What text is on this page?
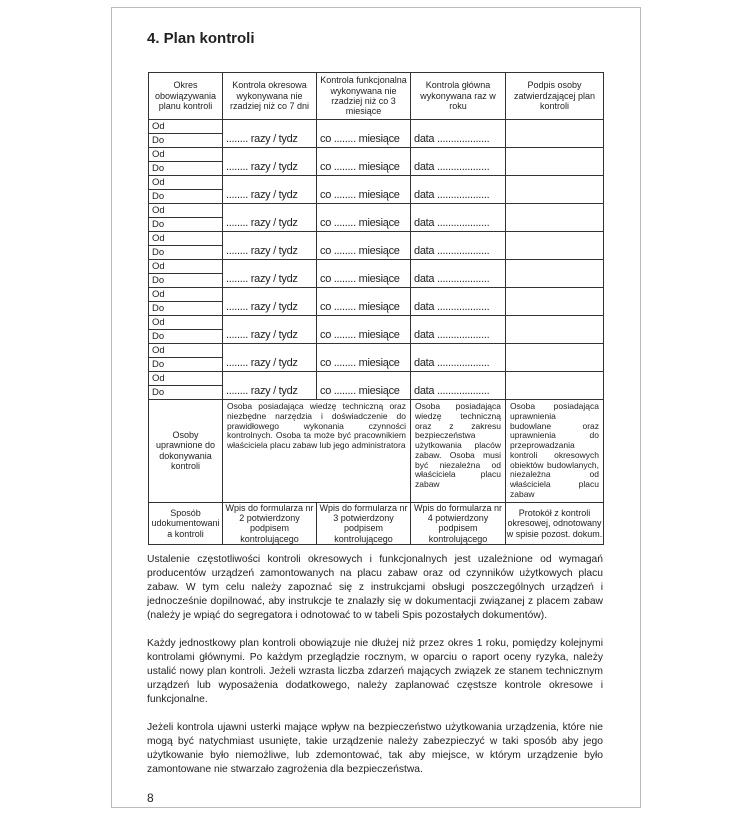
4. Plan kontroli
Okres obowiązywania planu kontroli	Kontrola okresowa wykonywana nie rzadziej niż co 7 dni	Kontrola funkcjonalna wykonywana nie rzadziej niż co 3 miesiące	Kontrola główna wykonywana raz w roku	Podpis osoby zatwierdzającej plan kontroli

Od
Do	........ razy / tydz	co ........ miesiące	data ...................	

Od
Do	........ razy / tydz	co ........ miesiące	data ...................	

Od
Do	........ razy / tydz	co ........ miesiące	data ...................	

Od
Do	........ razy / tydz	co ........ miesiące	data ...................	

Od
Do	........ razy / tydz	co ........ miesiące	data ...................	

Od
Do	........ razy / tydz	co ........ miesiące	data ...................	

Od
Do	........ razy / tydz	co ........ miesiące	data ...................	

Od
Do	........ razy / tydz	co ........ miesiące	data ...................	

Od
Do	........ razy / tydz	co ........ miesiące	data ...................	

Od
Do	........ razy / tydz	co ........ miesiące	data ...................	
Osoby uprawnione do dokonywania kontroli	Osoba posiadająca wiedzę techniczną oraz niezbędne narzędzia i doświadczenie do prawidłowego wykonania czynności kontrolnych. Osoba ta może być pracownikiem właściciela placu zabaw lub jego administratora		Osoba posiadająca wiedzę techniczną oraz z zakresu bezpieczeństwa użytkowania placów zabaw. Osoba musi być niezależna od właściciela placu zabaw	Osoba posiadająca uprawnienia budowlane oraz uprawnienia do przeprowadzania kontroli okresowych obiektów budowlanych, niezależna od właściciela placu zabaw
Sposób udokumentowania kontroli	Wpis do formularza nr 2 potwierdzony podpisem kontrolującego	Wpis do formularza nr 3 potwierdzony podpisem kontrolującego	Wpis do formularza nr 4 potwierdzony podpisem kontrolującego	Protokół z kontroli okresowej, odnotowany w spisie pozost. dokum.

Ustalenie częstotliwości kontroli okresowych i funkcjonalnych jest uzależnione od wymagań producentów urządzeń zamontowanych na placu zabaw oraz od czynników użytkowych placu zabaw. W tym celu należy zapoznać się z instrukcjami obsługi poszczególnych urządzeń i jednocześnie dopilnować, aby instrukcje te znalazły się w dokumentacji związanej z placem zabaw (należy je wpiąć do segregatora i odnotować to w tabeli Spis pozostałych dokumentów).

Każdy jednostkowy plan kontroli obowiązuje nie dłużej niż przez okres 1 roku, pomiędzy kolejnymi kontrolami głównymi. Po każdym przeglądzie rocznym, w oparciu o raport oceny ryzyka, należy ustalić nowy plan kontroli. Jeżeli wzrasta liczba zdarzeń mających związek ze stanem technicznym urządzeń lub wyposażenia dodatkowego, należy zaplanować częstsze kontrole okresowe i funkcjonalne.

Jeżeli kontrola ujawni usterki mające wpływ na bezpieczeństwo użytkowania urządzenia, które nie mogą być natychmiast usunięte, takie urządzenie należy zabezpieczyć w taki sposób aby jego użytkowanie było niemożliwe, lub zdemontować, tak aby miejsce, w którym urządzenie było zamontowane nie stwarzało zagrożenia dla bezpieczeństwa.

8
